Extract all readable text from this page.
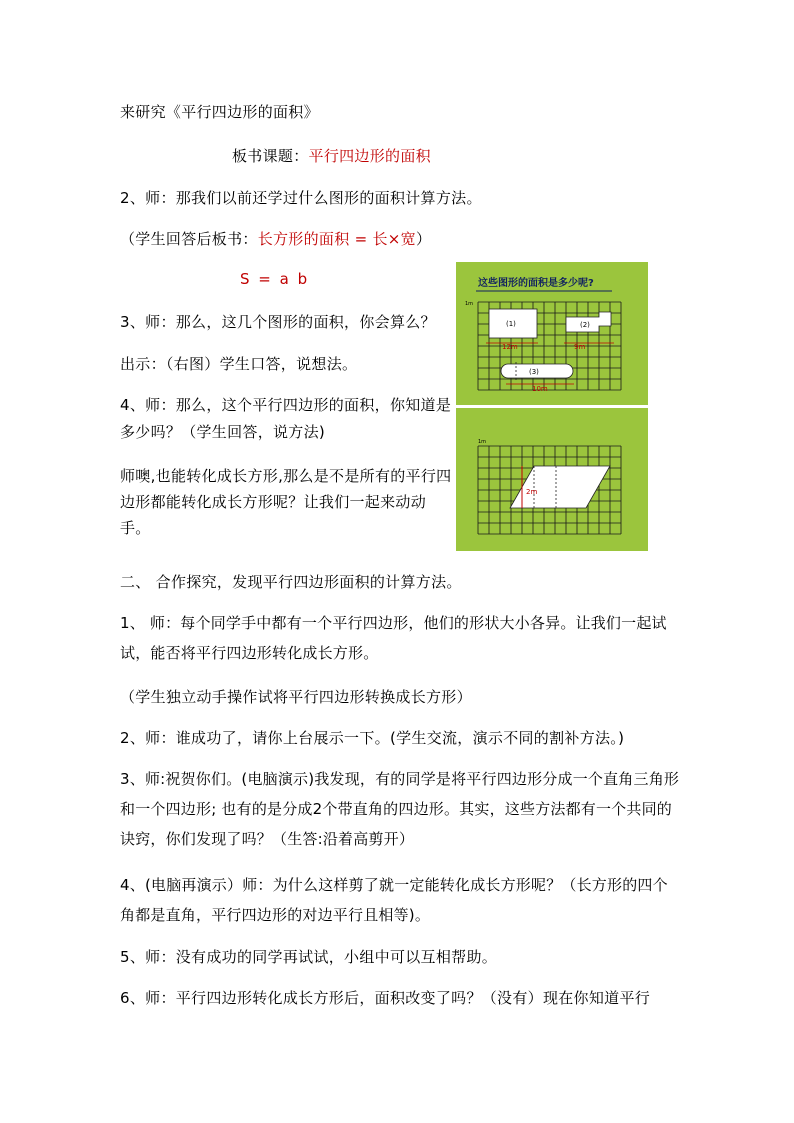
来研究《平行四边形的面积》
板书课题：平行四边形的面积
2、师：那我们以前还学过什么图形的面积计算方法。
（学生回答后板书：长方形的面积 = 长×宽）
S = a b
3、师：那么，这几个图形的面积，你会算么？
出示：（右图）学生口答，说想法。
4、师：那么，这个平行四边形的面积，你知道是多少吗？（学生回答，说方法)
师噢,也能转化成长方形,那么是不是所有的平行四边形都能转化成长方形呢？让我们一起来动动手。
二、 合作探究，发现平行四边形面积的计算方法。
1、 师：每个同学手中都有一个平行四边形，他们的形状大小各异。让我们一起试试，能否将平行四边形转化成长方形。
（学生独立动手操作试将平行四边形转换成长方形）
2、师：谁成功了，请你上台展示一下。(学生交流，演示不同的割补方法。)
3、师:祝贺你们。(电脑演示)我发现，有的同学是将平行四边形分成一个直角三角形和一个四边形; 也有的是分成2个带直角的四边形。其实，这些方法都有一个共同的诀窍，你们发现了吗？（生答:沿着高剪开）
4、(电脑再演示）师：为什么这样剪了就一定能转化成长方形呢？（长方形的四个角都是直角，平行四边形的对边平行且相等)。
5、师：没有成功的同学再试试，小组中可以互相帮助。
6、师：平行四边形转化成长方形后，面积改变了吗？（没有）现在你知道平行
这些图形的面积是多少呢?
1m
(1)	(2)
12m	9m
(3)
10m
1m
2m
